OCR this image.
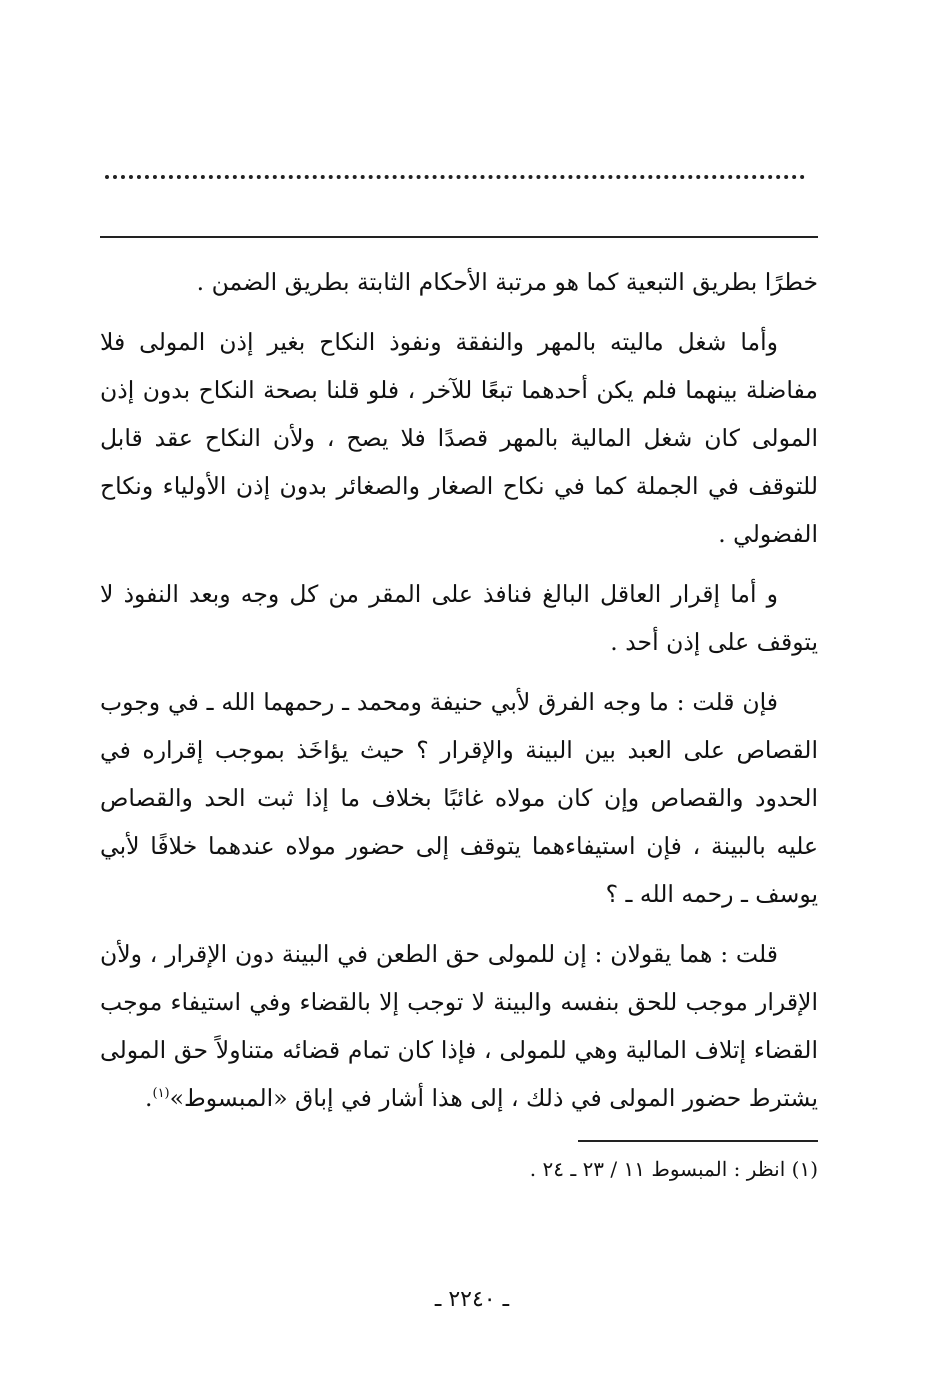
خطرًا بطريق التبعية كما هو مرتبة الأحكام الثابتة بطريق الضمن .

وأما شغل ماليته بالمهر والنفقة ونفوذ النكاح بغير إذن المولى فلا مفاضلة بينهما فلم يكن أحدهما تبعًا للآخر ، فلو قلنا بصحة النكاح بدون إذن المولى كان شغل المالية بالمهر قصدًا فلا يصح ، ولأن النكاح عقد قابل للتوقف في الجملة كما في نكاح الصغار والصغائر بدون إذن الأولياء ونكاح الفضولي .

و أما إقرار العاقل البالغ فنافذ على المقر من كل وجه وبعد النفوذ لا يتوقف على إذن أحد .

فإن قلت : ما وجه الفرق لأبي حنيفة ومحمد ـ رحمهما الله ـ في وجوب القصاص على العبد بين البينة والإقرار ؟ حيث يؤاخَذ بموجب إقراره في الحدود والقصاص وإن كان مولاه غائبًا بخلاف ما إذا ثبت الحد والقصاص عليه بالبينة ، فإن استيفاءهما يتوقف إلى حضور مولاه عندهما خلافًا لأبي يوسف ـ رحمه الله ـ ؟

قلت : هما يقولان : إن للمولى حق الطعن في البينة دون الإقرار ، ولأن الإقرار موجب للحق بنفسه والبينة لا توجب إلا بالقضاء وفي استيفاء موجب القضاء إتلاف المالية وهي للمولى ، فإذا كان تمام قضائه متناولاً حق المولى يشترط حضور المولى في ذلك ، إلى هذا أشار في إباق «المبسوط»$^{(١)}$.

(١) انظر : المبسوط ١١ / ٢٣ ـ ٢٤ .
ـ ٢٢٤٠ ـ
